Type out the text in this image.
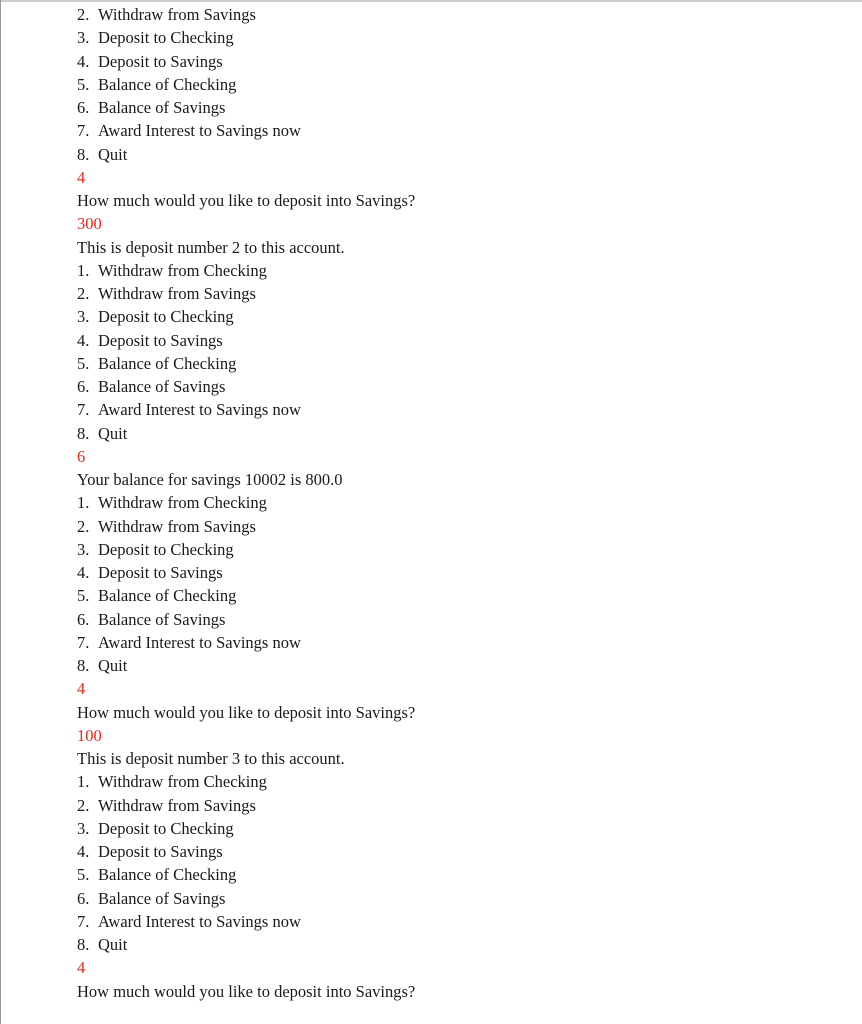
2. Withdraw from Savings
3. Deposit to Checking
4. Deposit to Savings
5. Balance of Checking
6. Balance of Savings
7. Award Interest to Savings now
8. Quit
4
How much would you like to deposit into Savings?
300
This is deposit number 2 to this account.
1. Withdraw from Checking
2. Withdraw from Savings
3. Deposit to Checking
4. Deposit to Savings
5. Balance of Checking
6. Balance of Savings
7. Award Interest to Savings now
8. Quit
6
Your balance for savings 10002 is 800.0
1. Withdraw from Checking
2. Withdraw from Savings
3. Deposit to Checking
4. Deposit to Savings
5. Balance of Checking
6. Balance of Savings
7. Award Interest to Savings now
8. Quit
4
How much would you like to deposit into Savings?
100
This is deposit number 3 to this account.
1. Withdraw from Checking
2. Withdraw from Savings
3. Deposit to Checking
4. Deposit to Savings
5. Balance of Checking
6. Balance of Savings
7. Award Interest to Savings now
8. Quit
4
How much would you like to deposit into Savings?
